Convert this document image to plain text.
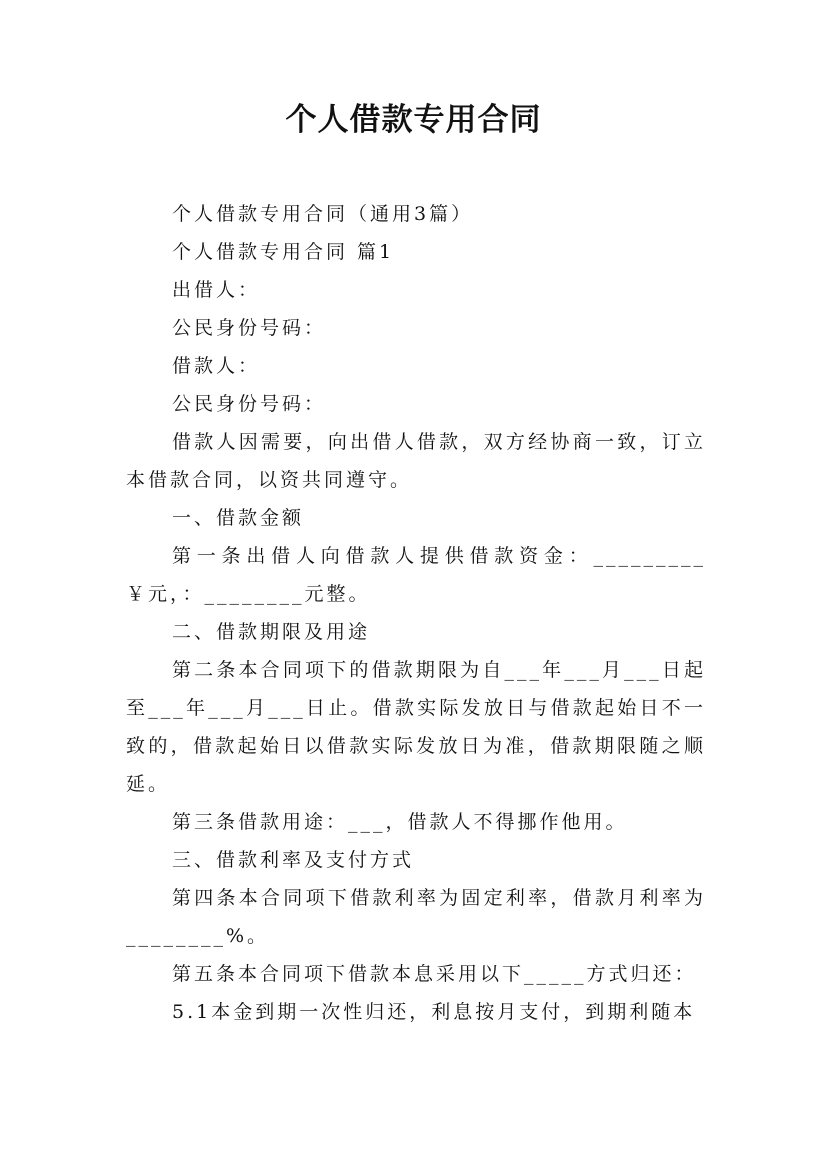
个人借款专用合同

个人借款专用合同（通用3篇）

个人借款专用合同 篇1

出借人：

公民身份号码：

借款人：

公民身份号码：

借款人因需要，向出借人借款，双方经协商一致，订立本借款合同，以资共同遵守。

一、借款金额

第一条出借人向借款人提供借款资金：_________￥元，：________元整。

二、借款期限及用途

第二条本合同项下的借款期限为自___年___月___日起至___年___月___日止。借款实际发放日与借款起始日不一致的，借款起始日以借款实际发放日为准，借款期限随之顺延。

第三条借款用途：___，借款人不得挪作他用。

三、借款利率及支付方式

第四条本合同项下借款利率为固定利率，借款月利率为________%。

第五条本合同项下借款本息采用以下_____方式归还：

5.1本金到期一次性归还，利息按月支付，到期利随本
